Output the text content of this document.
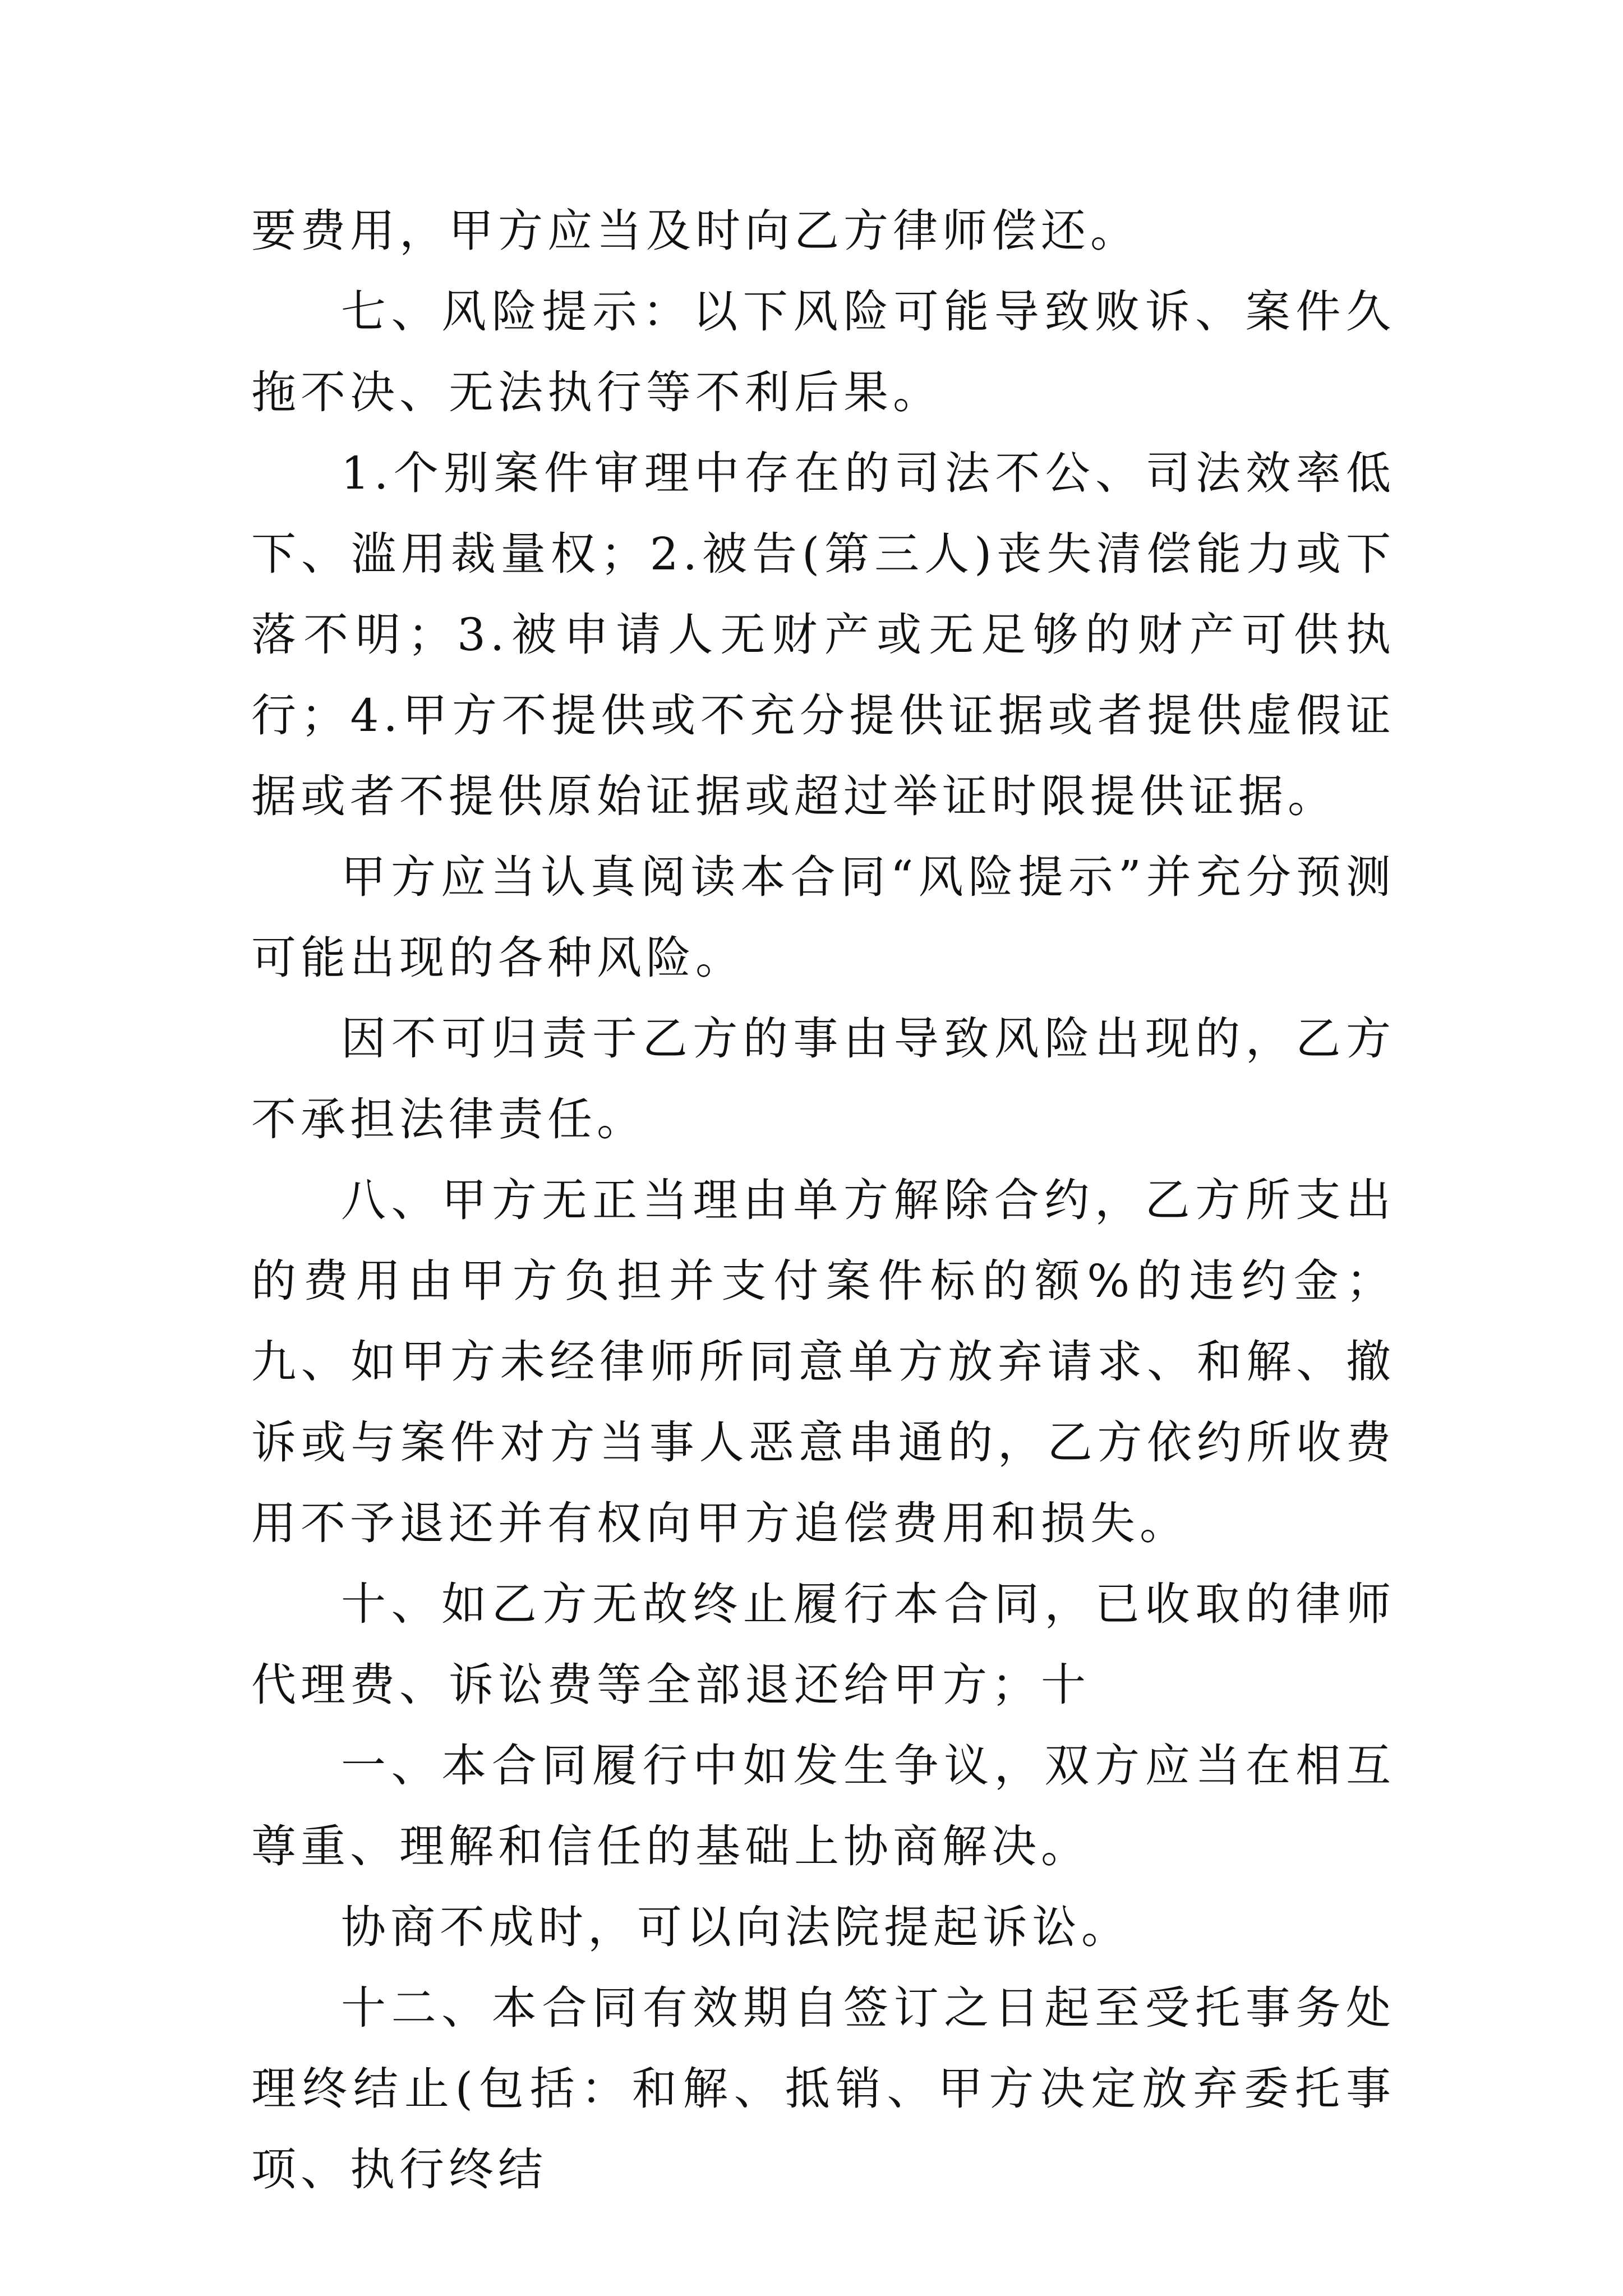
要费用，甲方应当及时向乙方律师偿还。

七、风险提示：以下风险可能导致败诉、案件久拖不决、无法执行等不利后果。

1.个别案件审理中存在的司法不公、司法效率低下、滥用裁量权；2.被告(第三人)丧失清偿能力或下落不明；3.被申请人无财产或无足够的财产可供执行；4.甲方不提供或不充分提供证据或者提供虚假证据或者不提供原始证据或超过举证时限提供证据。

甲方应当认真阅读本合同“风险提示”并充分预测可能出现的各种风险。

因不可归责于乙方的事由导致风险出现的，乙方不承担法律责任。

八、甲方无正当理由单方解除合约，乙方所支出的费用由甲方负担并支付案件标的额%的违约金；九、如甲方未经律师所同意单方放弃请求、和解、撤诉或与案件对方当事人恶意串通的，乙方依约所收费用不予退还并有权向甲方追偿费用和损失。

十、如乙方无故终止履行本合同，已收取的律师代理费、诉讼费等全部退还给甲方；十

一、本合同履行中如发生争议，双方应当在相互尊重、理解和信任的基础上协商解决。

协商不成时，可以向法院提起诉讼。

十二、本合同有效期自签订之日起至受托事务处理终结止(包括：和解、抵销、甲方决定放弃委托事项、执行终结
